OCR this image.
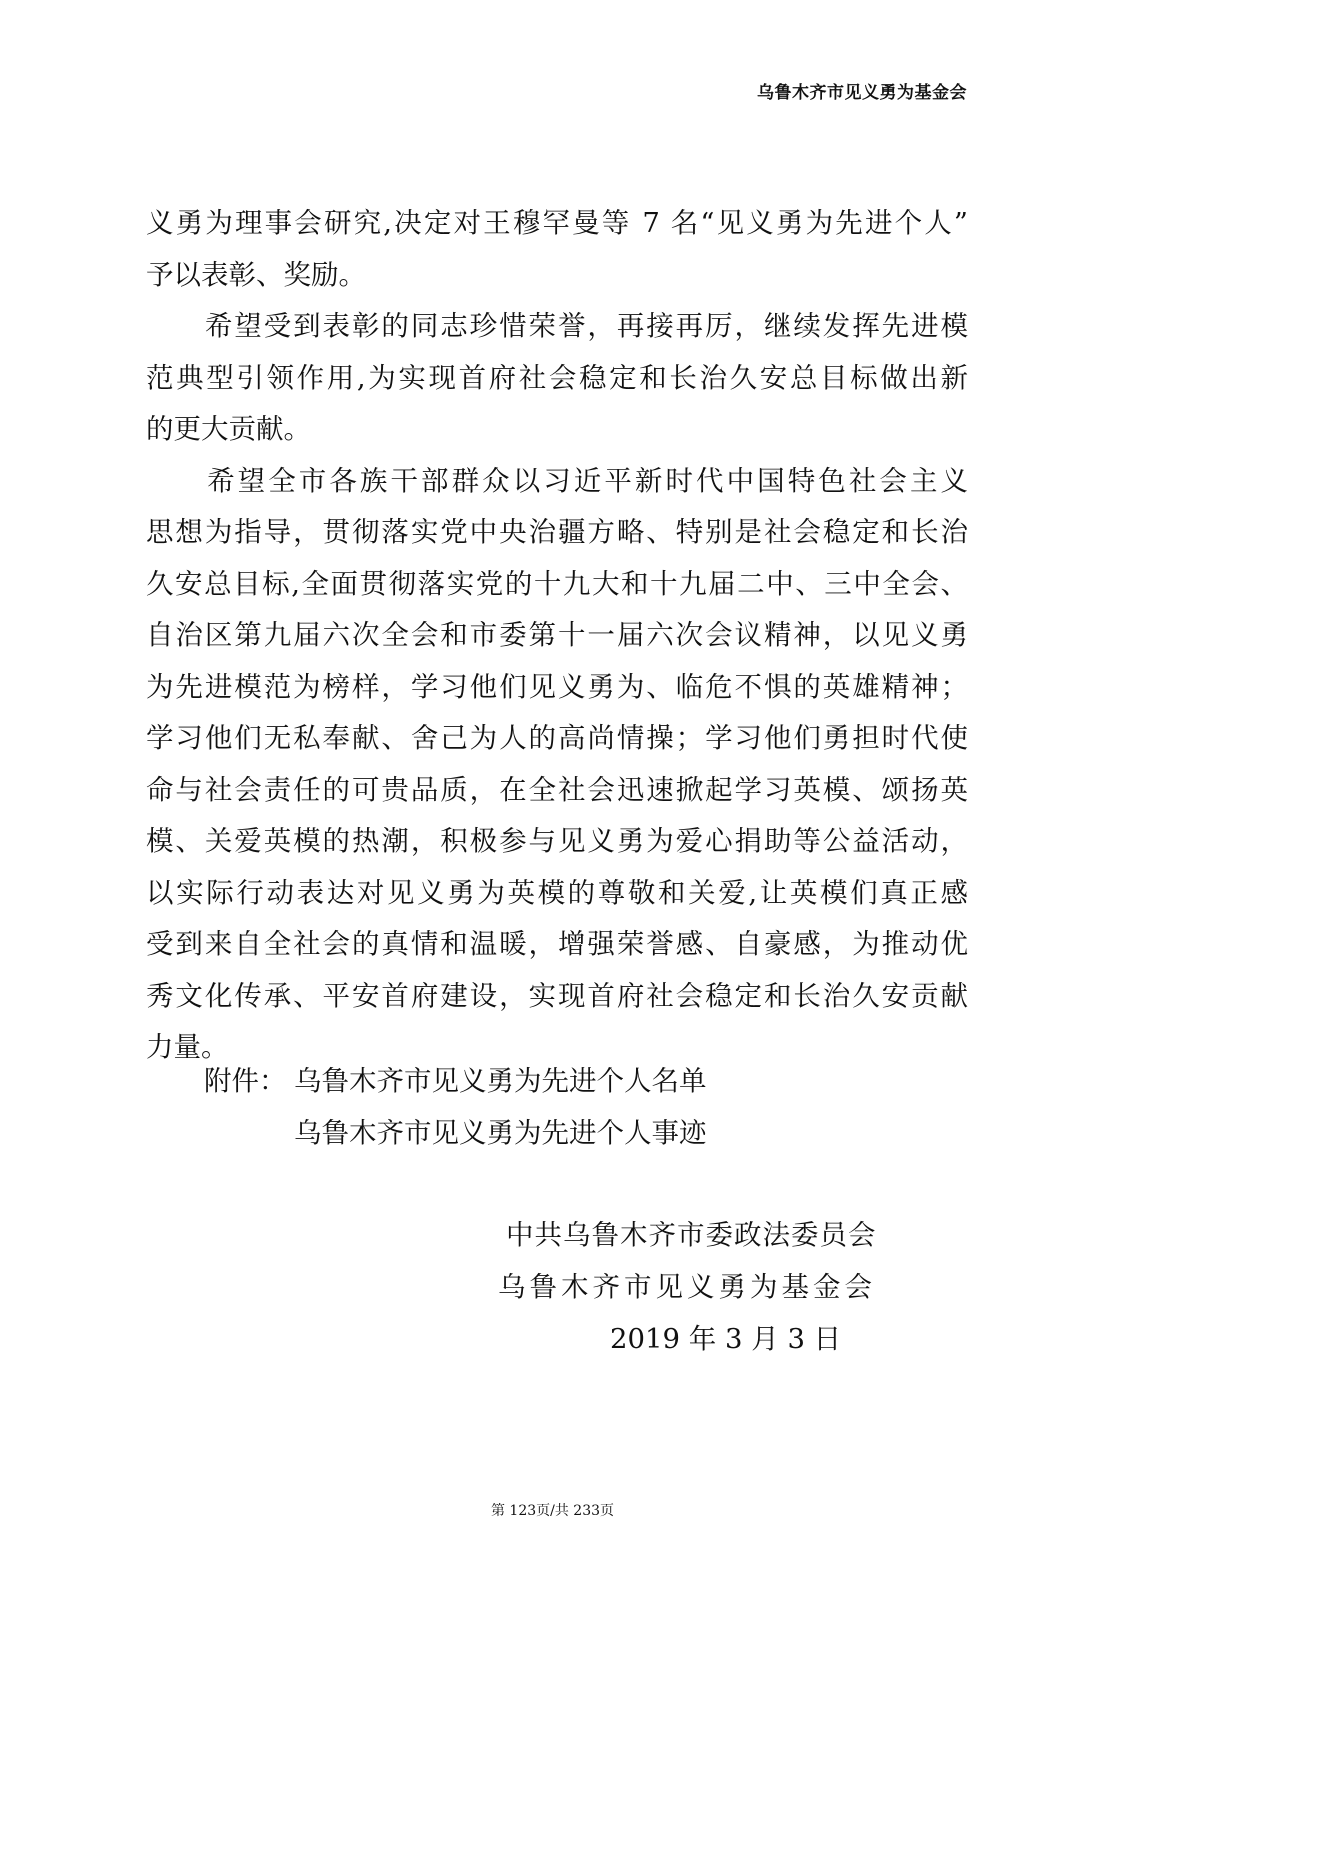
乌鲁木齐市见义勇为基金会
义勇为理事会研究,决定对王穆罕曼等 7 名“见义勇为先进个人”
予以表彰、奖励。
　　希望受到表彰的同志珍惜荣誉，再接再厉，继续发挥先进模
范典型引领作用,为实现首府社会稳定和长治久安总目标做出新
的更大贡献。
　　希望全市各族干部群众以习近平新时代中国特色社会主义
思想为指导，贯彻落实党中央治疆方略、特别是社会稳定和长治
久安总目标,全面贯彻落实党的十九大和十九届二中、三中全会、
自治区第九届六次全会和市委第十一届六次会议精神，以见义勇
为先进模范为榜样，学习他们见义勇为、临危不惧的英雄精神；
学习他们无私奉献、舍己为人的高尚情操；学习他们勇担时代使
命与社会责任的可贵品质，在全社会迅速掀起学习英模、颂扬英
模、关爱英模的热潮，积极参与见义勇为爱心捐助等公益活动，
以实际行动表达对见义勇为英模的尊敬和关爱,让英模们真正感
受到来自全社会的真情和温暖，增强荣誉感、自豪感，为推动优
秀文化传承、平安首府建设，实现首府社会稳定和长治久安贡献
力量。
附件： 乌鲁木齐市见义勇为先进个人名单
乌鲁木齐市见义勇为先进个人事迹
中共乌鲁木齐市委政法委员会
乌鲁木齐市见义勇为基金会
2019 年 3 月 3 日
第 123页/共 233页
